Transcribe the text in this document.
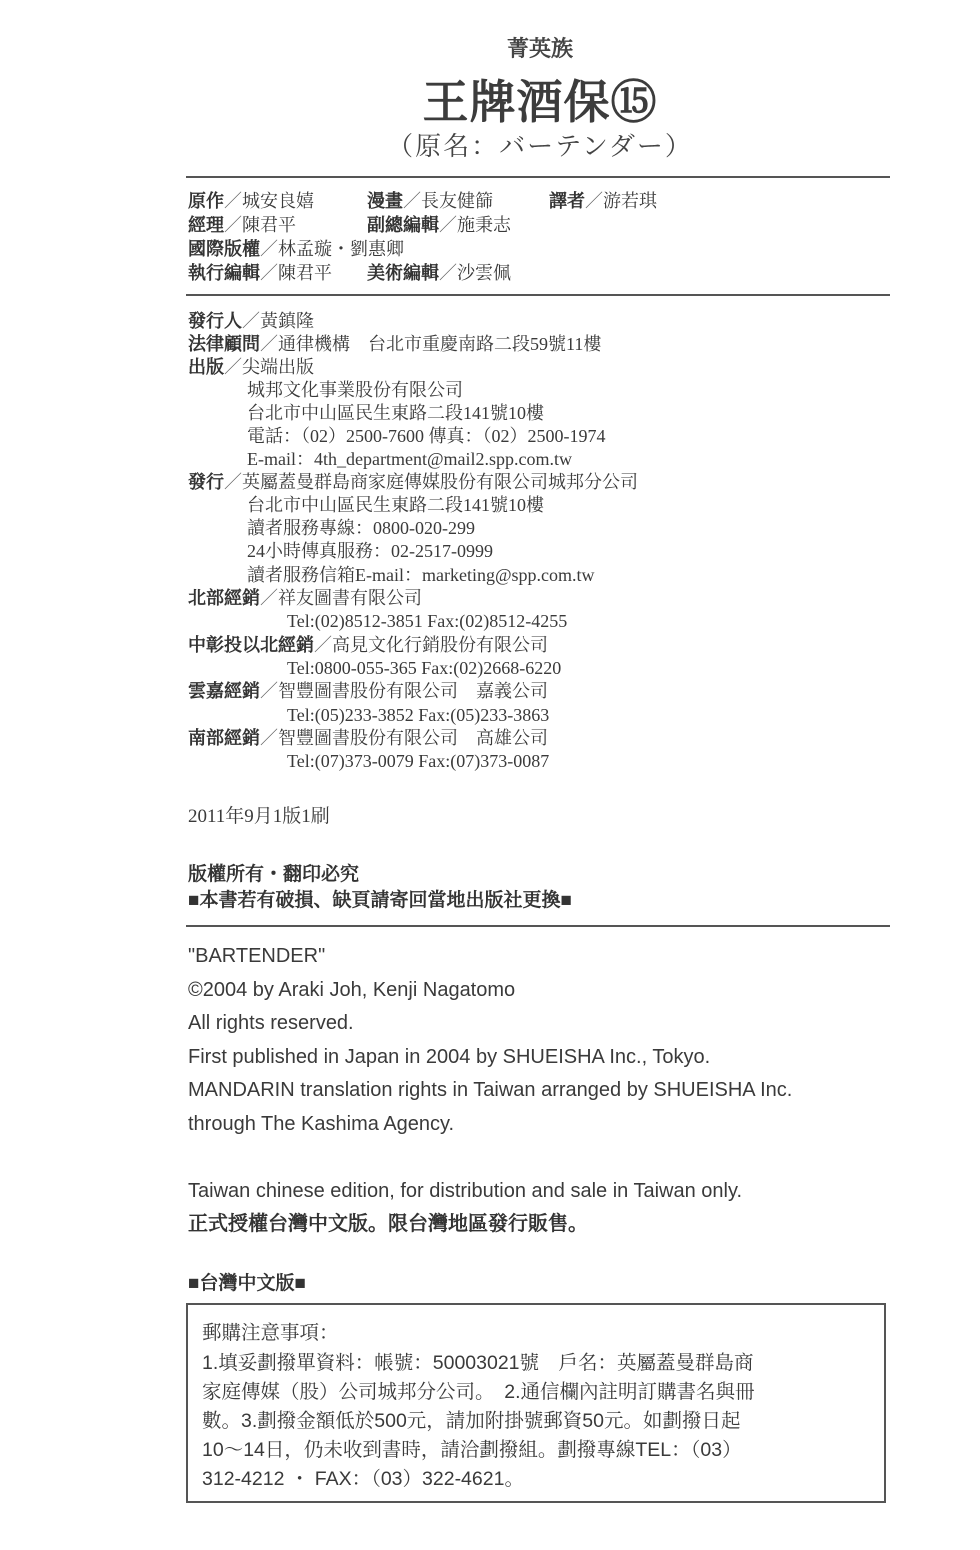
菁英族
王牌酒保⑮
（原名：バーテンダー）
原作／城安良嬉	漫畫／長友健篩	譯者／游若琪
經理／陳君平	副總編輯／施秉志
國際版權／林孟璇・劉惠卿
執行編輯／陳君平 美術編輯／沙雲佩
發行人／黃鎮隆
法律顧問／通律機構　台北市重慶南路二段59號11樓
出版／尖端出版
城邦文化事業股份有限公司
台北市中山區民生東路二段141號10樓
電話：（02）2500-7600 傳真：（02）2500-1974
E-mail：4th_department@mail2.spp.com.tw
發行／英屬蓋曼群島商家庭傳媒股份有限公司城邦分公司
台北市中山區民生東路二段141號10樓
讀者服務專線：0800-020-299
24小時傳真服務：02-2517-0999
讀者服務信箱E-mail：marketing@spp.com.tw
北部經銷／祥友圖書有限公司
Tel:(02)8512-3851 Fax:(02)8512-4255
中彰投以北經銷／高見文化行銷股份有限公司
Tel:0800-055-365 Fax:(02)2668-6220
雲嘉經銷／智豐圖書股份有限公司　嘉義公司
Tel:(05)233-3852 Fax:(05)233-3863
南部經銷／智豐圖書股份有限公司　高雄公司
Tel:(07)373-0079 Fax:(07)373-0087
2011年9月1版1刷
版權所有・翻印必究
■本書若有破損、缺頁請寄回當地出版社更換■
"BARTENDER"
©2004 by Araki Joh, Kenji Nagatomo
All rights reserved.
First published in Japan in 2004 by SHUEISHA Inc., Tokyo.
MANDARIN translation rights in Taiwan arranged by SHUEISHA Inc.
through The Kashima Agency.
Taiwan chinese edition, for distribution and sale in Taiwan only.
正式授權台灣中文版。限台灣地區發行販售。
■台灣中文版■
郵購注意事項：
1.填妥劃撥單資料：帳號：50003021號　戶名：英屬蓋曼群島商
家庭傳媒（股）公司城邦分公司。　2.通信欄內註明訂購書名與冊
數。3.劃撥金額低於500元，請加附掛號郵資50元。如劃撥日起
10～14日，仍未收到書時，請洽劃撥組。劃撥專線TEL：（03）
312-4212 ・ FAX：（03）322-4621。
